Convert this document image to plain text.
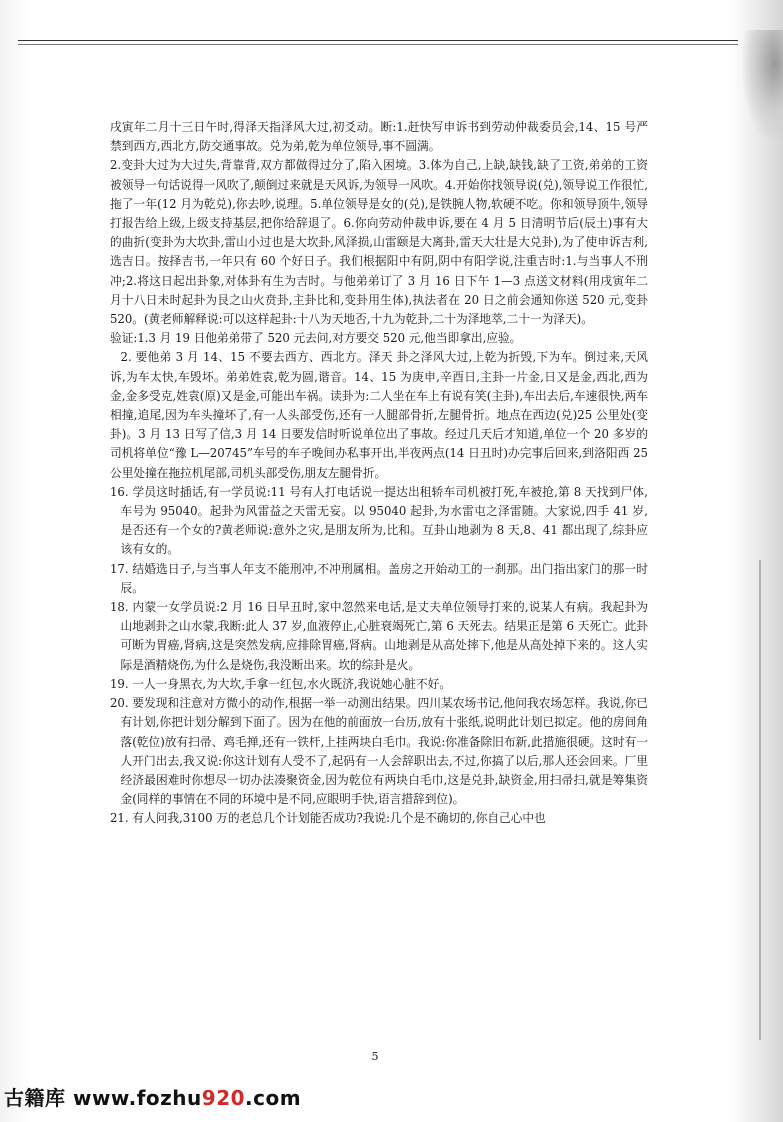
戌寅年二月十三日午时,得泽天指泽风大过,初爻动。断:1.赶快写申诉书到劳动仲裁委员会,14、15 号严禁到西方,西北方,防交通事故。兑为弟,乾为单位领导,事不圆满。

2.变卦大过为大过失,背靠背,双方都做得过分了,陷入困境。3.体为自己,上缺,缺钱,缺了工资,弟弟的工资被领导一句话说得一风吹了,颠倒过来就是天风诉,为领导一风吹。4.开始你找领导说(兑),领导说工作很忙,拖了一年(12 月为乾兑),你去吵,说理。5.单位领导是女的(兑),是铁腕人物,软硬不吃。你和领导顶牛,领导打报告给上级,上级支持基层,把你给辞退了。6.你向劳动仲裁申诉,要在 4 月 5 日清明节后(辰土)事有大的曲折(变卦为大坎卦,雷山小过也是大坎卦,风泽损,山雷颐是大离卦,雷天大壮是大兑卦),为了使申诉吉利,选吉日。按择吉书,一年只有 60 个好日子。我们根据阳中有阴,阴中有阳学说,注重吉时:1.与当事人不刑冲;2.将这日起出卦象,对体卦有生为吉时。与他弟弟订了 3 月 16 日下午 1—3 点送文材料(用戌寅年二月十八日未时起卦为艮之山火贲卦,主卦比和,变卦用生体),执法者在 20 日之前会通知你送 520 元,变卦 520。(黄老师解释说:可以这样起卦:十八为天地否,十九为乾卦,二十为泽地萃,二十一为泽天)。

验证:1.3 月 19 日他弟弟带了 520 元去问,对方要交 520 元,他当即拿出,应验。

2. 要他弟 3 月 14、15 不要去西方、西北方。泽天 卦之泽风大过,上乾为折毁,下为车。倒过来,天风诉,为车太快,车毁坏。弟弟姓袁,乾为圆,谐音。14、15 为庚申,辛酉日,主卦一片金,日又是金,西北,西为金,金多受克,姓袁(原)又是金,可能出车祸。读卦为:二人坐在车上有说有笑(主卦),车出去后,车速很快,两车相撞,追尾,因为车头撞坏了,有一人头部受伤,还有一人腿部骨折,左腿骨折。地点在西边(兑)25 公里处(变卦)。3 月 13 日写了信,3 月 14 日要发信时听说单位出了事故。经过几天后才知道,单位一个 20 多岁的司机将单位“豫 L—20745”车号的车子晚间办私事开出,半夜两点(14 日丑时)办完事后回来,到洛阳西 25 公里处撞在拖拉机尾部,司机头部受伤,朋友左腿骨折。

16. 学员这时插话,有一学员说:11 号有人打电话说一提达出租轿车司机被打死,车被抢,第 8 天找到尸体,车号为 95040。起卦为风雷益之天雷无妄。以 95040 起卦,为水雷屯之泽雷随。大家说,四手 41 岁,是否还有一个女的?黄老师说:意外之灾,是朋友所为,比和。互卦山地剥为 8 天,8、41 都出现了,综卦应该有女的。

17. 结婚选日子,与当事人年支不能刑冲,不冲刑属相。盖房之开始动工的一刹那。出门指出家门的那一时辰。

18. 内蒙一女学员说:2 月 16 日早丑时,家中忽然来电话,是丈夫单位领导打来的,说某人有病。我起卦为山地剥卦之山水蒙,我断:此人 37 岁,血液停止,心脏衰竭死亡,第 6 天死去。结果正是第 6 天死亡。此卦可断为胃癌,肾病,这是突然发病,应排除胃癌,肾病。山地剥是从高处摔下,他是从高处掉下来的。这人实际是酒精烧伤,为什么是烧伤,我没断出来。坎的综卦是火。

19. 一人一身黑衣,为大坎,手拿一红包,水火既济,我说她心脏不好。

20. 要发现和注意对方微小的动作,根据一举一动测出结果。四川某农场书记,他问我农场怎样。我说,你已有计划,你把计划分解到下面了。因为在他的前面放一台历,放有十张纸,说明此计划已拟定。他的房间角落(乾位)放有扫帚、鸡毛掸,还有一铁杆,上挂两块白毛巾。我说:你准备除旧布新,此措施很硬。这时有一人开门出去,我又说:你这计划有人受不了,起码有一人会辞职出去,不过,你搞了以后,那人还会回来。厂里经济最困难时你想尽一切办法凑聚资金,因为乾位有两块白毛巾,这是兑卦,缺资金,用扫帚扫,就是筹集资金(同样的事情在不同的环境中是不同,应眼明手快,语言措辞到位)。

21. 有人问我,3100 万的老总几个计划能否成功?我说:几个是不确切的,你自己心中也

5
古籍库 www.fozhu920.com
